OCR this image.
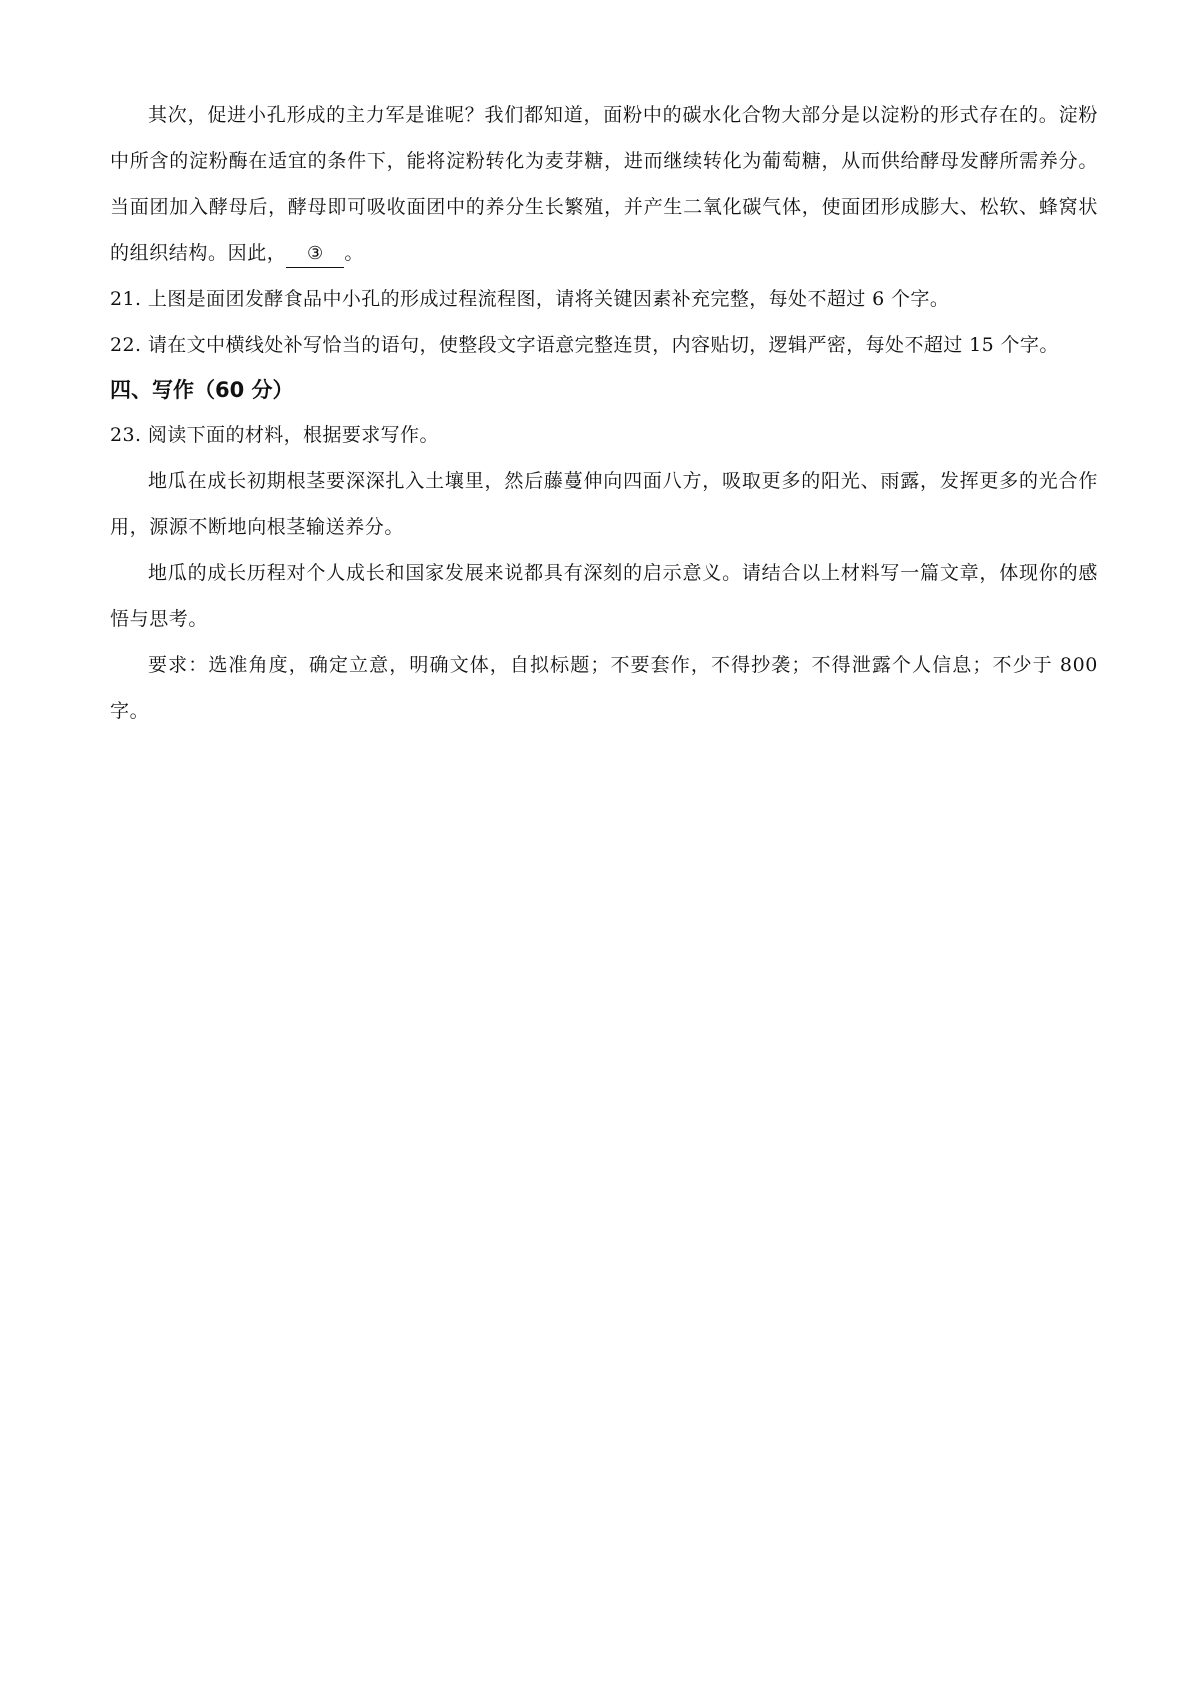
其次，促进小孔形成的主力军是谁呢？我们都知道，面粉中的碳水化合物大部分是以淀粉的形式存在的。淀粉中所含的淀粉酶在适宜的条件下，能将淀粉转化为麦芽糖，进而继续转化为葡萄糖，从而供给酵母发酵所需养分。当面团加入酵母后，酵母即可吸收面团中的养分生长繁殖，并产生二氧化碳气体，使面团形成膨大、松软、蜂窝状的组织结构。因此， ③ 。

21. 上图是面团发酵食品中小孔的形成过程流程图，请将关键因素补充完整，每处不超过 6 个字。

22. 请在文中横线处补写恰当的语句，使整段文字语意完整连贯，内容贴切，逻辑严密，每处不超过 15 个字。

四、写作（60 分）

23. 阅读下面的材料，根据要求写作。

地瓜在成长初期根茎要深深扎入土壤里，然后藤蔓伸向四面八方，吸取更多的阳光、雨露，发挥更多的光合作用，源源不断地向根茎输送养分。

地瓜的成长历程对个人成长和国家发展来说都具有深刻的启示意义。请结合以上材料写一篇文章，体现你的感悟与思考。

要求：选准角度，确定立意，明确文体，自拟标题；不要套作，不得抄袭；不得泄露个人信息；不少于 800 字。
